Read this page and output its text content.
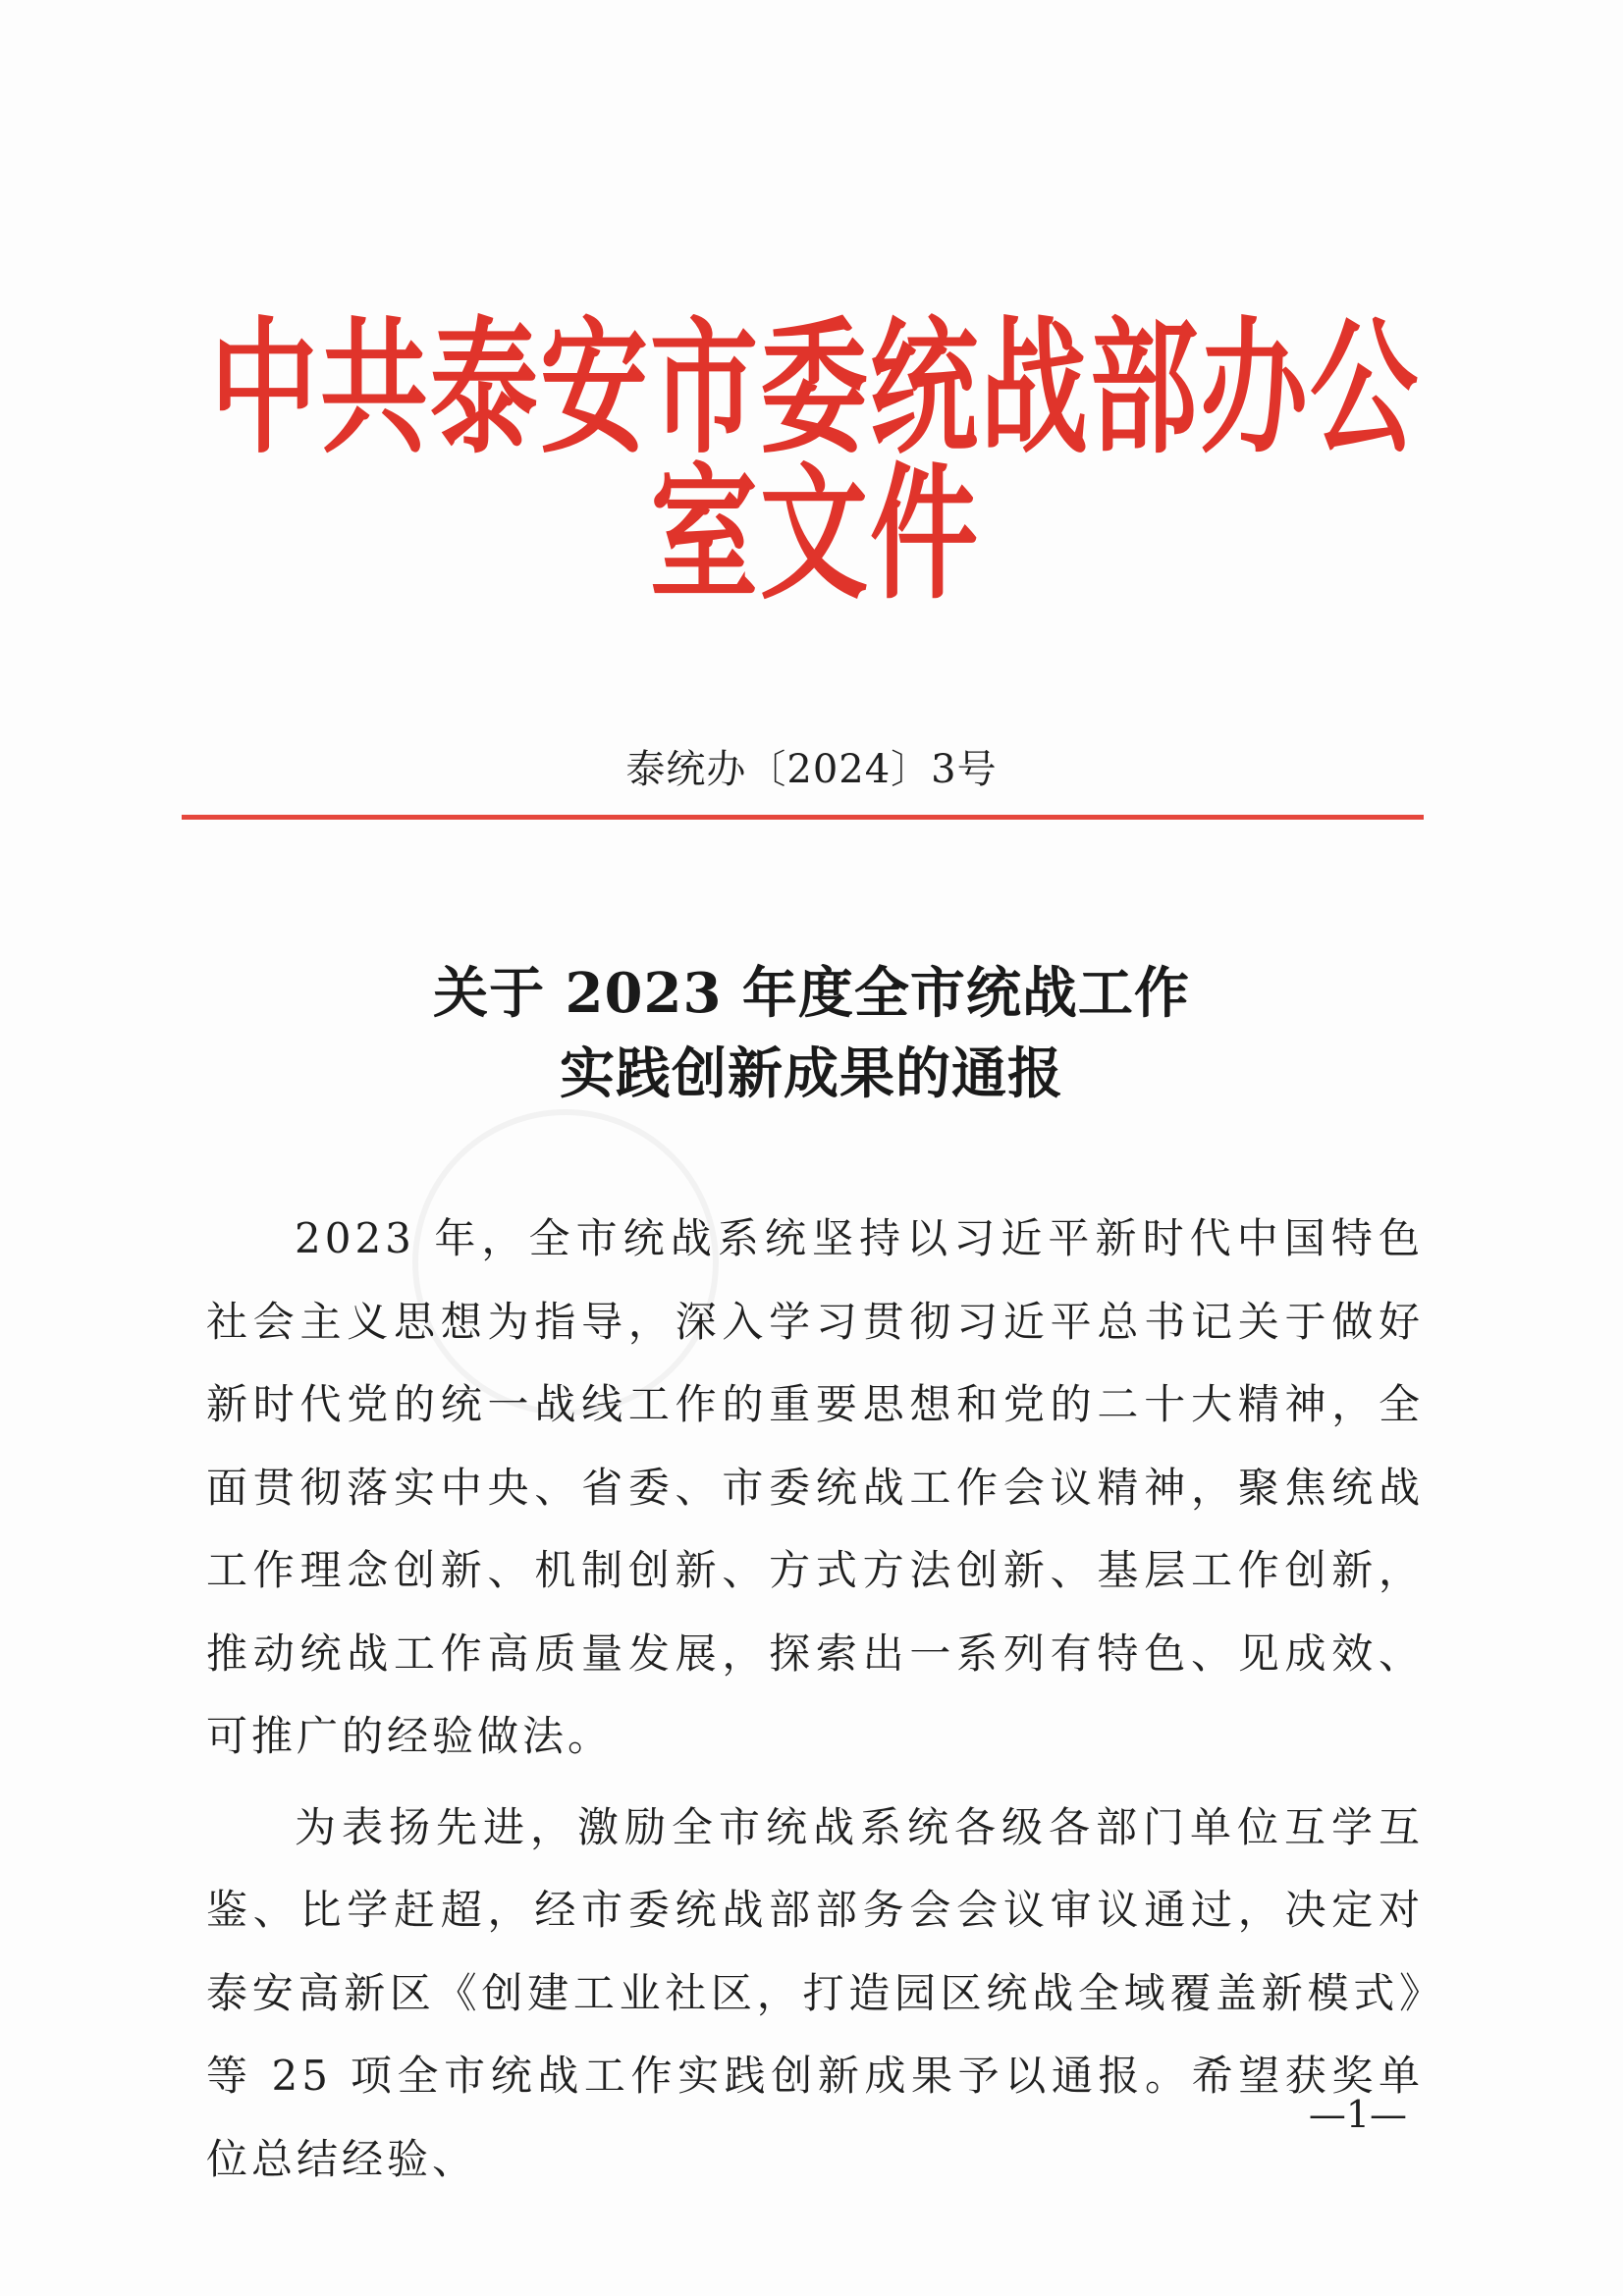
中共泰安市委统战部办公室文件
泰统办〔2024〕3号
关于 2023 年度全市统战工作
实践创新成果的通报

2023 年，全市统战系统坚持以习近平新时代中国特色社会主义思想为指导，深入学习贯彻习近平总书记关于做好新时代党的统一战线工作的重要思想和党的二十大精神，全面贯彻落实中央、省委、市委统战工作会议精神，聚焦统战工作理念创新、机制创新、方式方法创新、基层工作创新，推动统战工作高质量发展，探索出一系列有特色、见成效、可推广的经验做法。

为表扬先进，激励全市统战系统各级各部门单位互学互鉴、比学赶超，经市委统战部部务会会议审议通过，决定对泰安高新区《创建工业社区，打造园区统战全域覆盖新模式》等 25 项全市统战工作实践创新成果予以通报。希望获奖单位总结经验、

—1—
